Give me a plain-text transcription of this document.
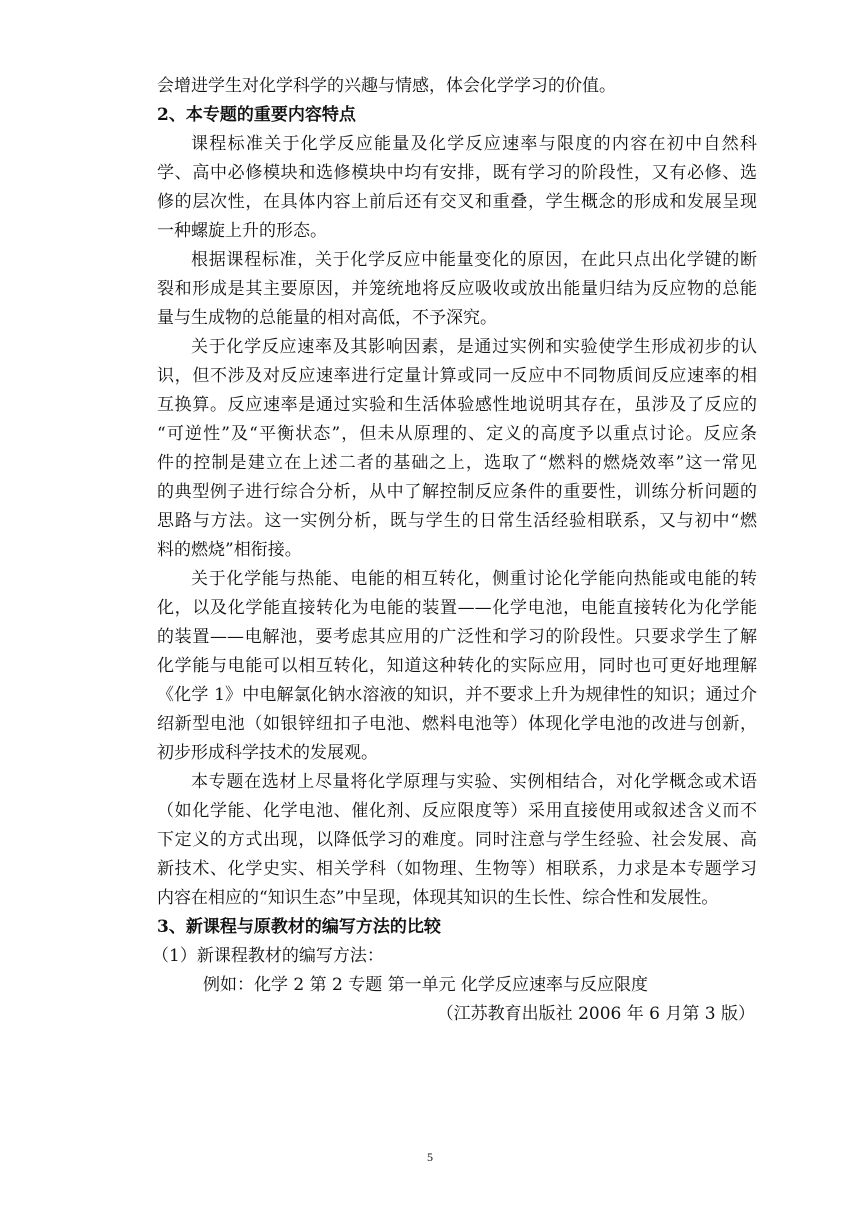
会增进学生对化学科学的兴趣与情感，体会化学学习的价值。
2、本专题的重要内容特点
课程标准关于化学反应能量及化学反应速率与限度的内容在初中自然科
学、高中必修模块和选修模块中均有安排，既有学习的阶段性，又有必修、选
修的层次性，在具体内容上前后还有交叉和重叠，学生概念的形成和发展呈现
一种螺旋上升的形态。
根据课程标准，关于化学反应中能量变化的原因，在此只点出化学键的断
裂和形成是其主要原因，并笼统地将反应吸收或放出能量归结为反应物的总能
量与生成物的总能量的相对高低，不予深究。
关于化学反应速率及其影响因素，是通过实例和实验使学生形成初步的认
识，但不涉及对反应速率进行定量计算或同一反应中不同物质间反应速率的相
互换算。反应速率是通过实验和生活体验感性地说明其存在，虽涉及了反应的
“可逆性”及“平衡状态”，但未从原理的、定义的高度予以重点讨论。反应条
件的控制是建立在上述二者的基础之上，选取了“燃料的燃烧效率”这一常见
的典型例子进行综合分析，从中了解控制反应条件的重要性，训练分析问题的
思路与方法。这一实例分析，既与学生的日常生活经验相联系，又与初中“燃
料的燃烧”相衔接。
关于化学能与热能、电能的相互转化，侧重讨论化学能向热能或电能的转
化，以及化学能直接转化为电能的装置——化学电池，电能直接转化为化学能
的装置——电解池，要考虑其应用的广泛性和学习的阶段性。只要求学生了解
化学能与电能可以相互转化，知道这种转化的实际应用，同时也可更好地理解
《化学 1》中电解氯化钠水溶液的知识，并不要求上升为规律性的知识；通过介
绍新型电池（如银锌纽扣子电池、燃料电池等）体现化学电池的改进与创新，
初步形成科学技术的发展观。
本专题在选材上尽量将化学原理与实验、实例相结合，对化学概念或术语
（如化学能、化学电池、催化剂、反应限度等）采用直接使用或叙述含义而不
下定义的方式出现，以降低学习的难度。同时注意与学生经验、社会发展、高
新技术、化学史实、相关学科（如物理、生物等）相联系，力求是本专题学习
内容在相应的“知识生态”中呈现，体现其知识的生长性、综合性和发展性。
3、新课程与原教材的编写方法的比较
（1）新课程教材的编写方法：
例如：化学 2 第 2 专题 第一单元 化学反应速率与反应限度
（江苏教育出版社 2006 年 6 月第 3 版）
5
